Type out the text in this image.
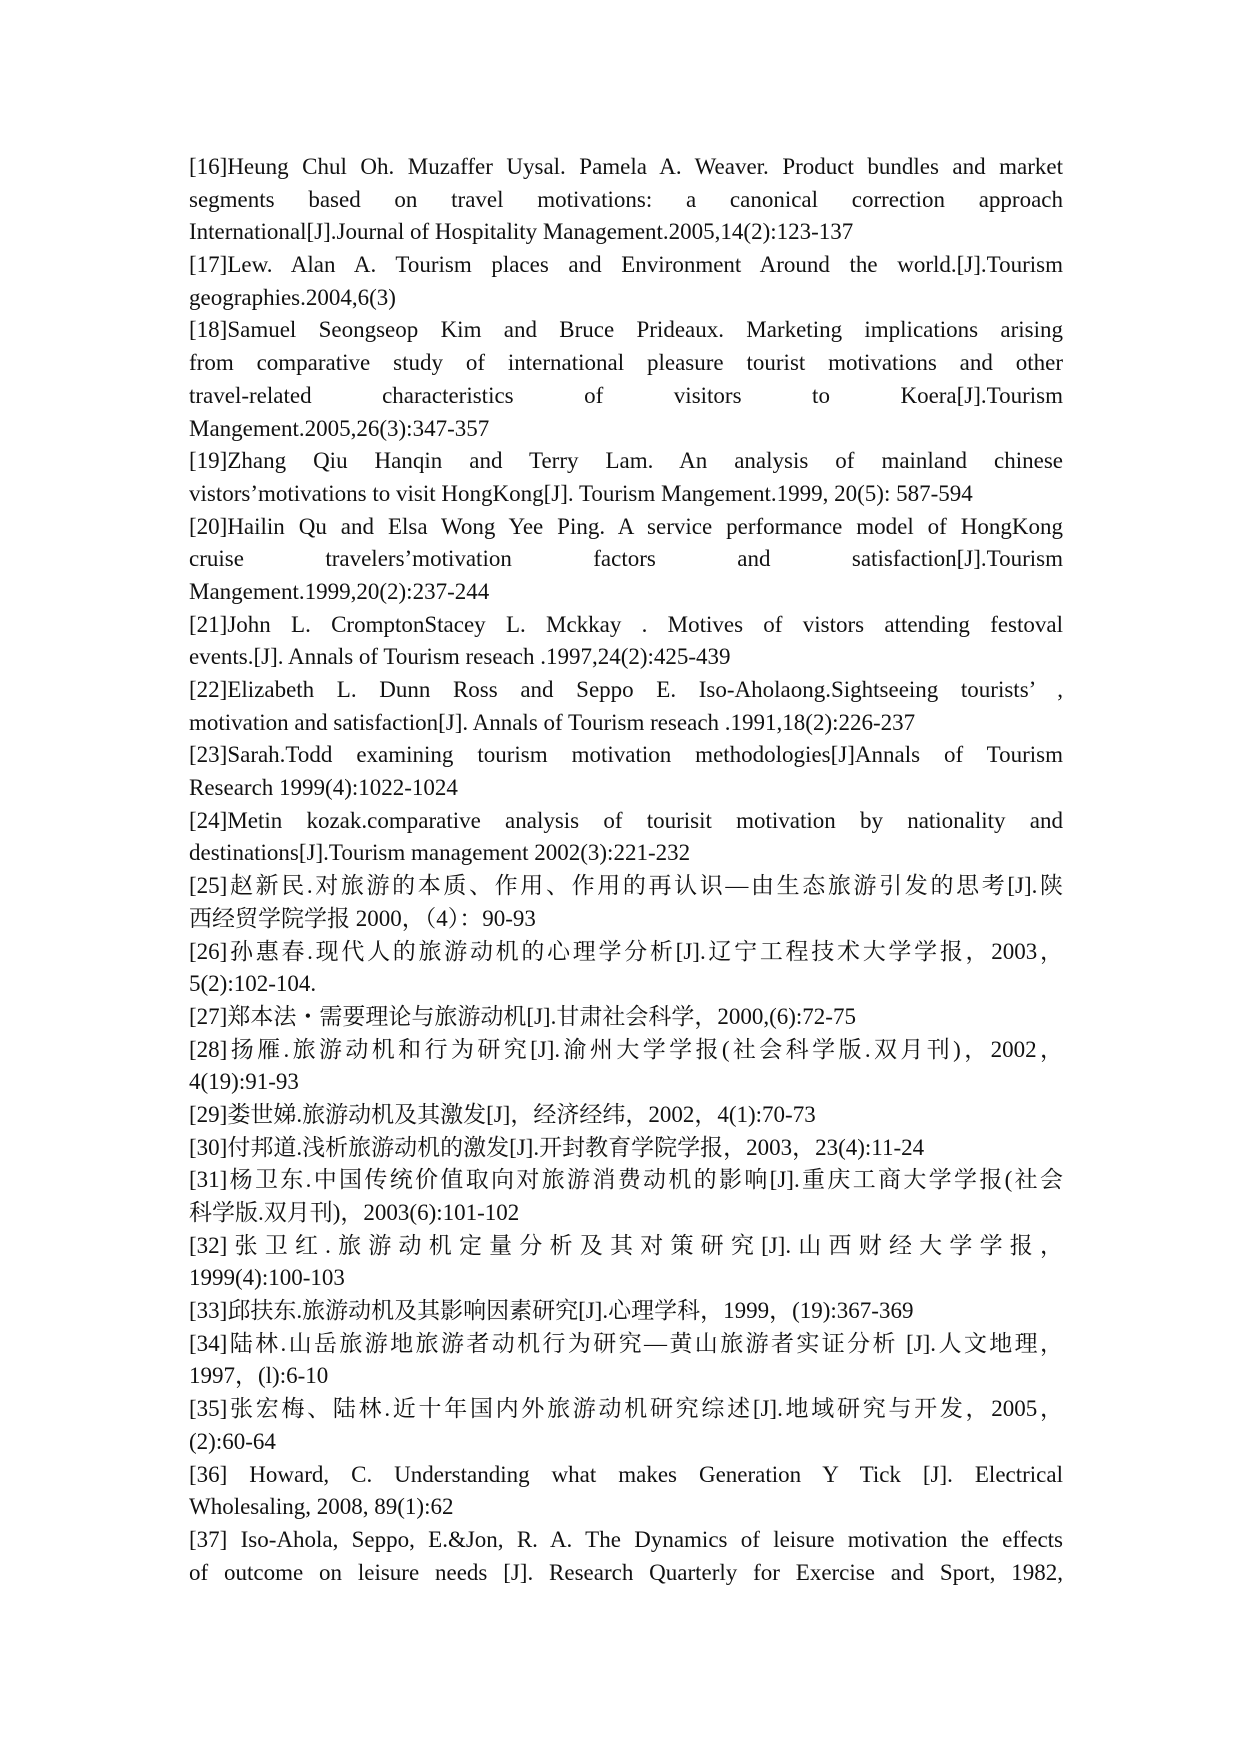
[16]Heung Chul Oh. Muzaffer Uysal. Pamela A. Weaver. Product bundles and market
segments based on travel motivations: a canonical correction approach
International[J].Journal of Hospitality Management.2005,14(2):123-137
[17]Lew. Alan A. Tourism places and Environment Around the world.[J].Tourism
geographies.2004,6(3)
[18]Samuel Seongseop Kim and Bruce Prideaux. Marketing implications arising
from comparative study of international pleasure tourist motivations and other
travel-related characteristics of visitors to Koera[J].Tourism
Mangement.2005,26(3):347-357
[19]Zhang Qiu Hanqin and Terry Lam. An analysis of mainland chinese
vistors’motivations to visit HongKong[J]. Tourism Mangement.1999, 20(5): 587-594
[20]Hailin Qu and Elsa Wong Yee Ping. A service performance model of HongKong
cruise travelers’motivation factors and satisfaction[J].Tourism
Mangement.1999,20(2):237-244
[21]John L. CromptonStacey L. Mckkay . Motives of vistors attending festoval
events.[J]. Annals of Tourism reseach .1997,24(2):425-439
[22]Elizabeth L. Dunn Ross and Seppo E. Iso-Aholaong.Sightseeing tourists’ ,
motivation and satisfaction[J]. Annals of Tourism reseach .1991,18(2):226-237
[23]Sarah.Todd examining tourism motivation methodologies[J]Annals of Tourism
Research 1999(4):1022-1024
[24]Metin kozak.comparative analysis of tourisit motivation by nationality and
destinations[J].Tourism management 2002(3):221-232
[25]赵新民.对旅游的本质、作用、作用的再认识—由生态旅游引发的思考[J].陕
西经贸学院学报 2000，（4）：90-93
[26]孙惠春.现代人的旅游动机的心理学分析[J].辽宁工程技术大学学报，2003，
5(2):102-104.
[27]郑本法・需要理论与旅游动机[J].甘肃社会科学，2000,(6):72-75
[28]扬雁.旅游动机和行为研究[J].渝州大学学报(社会科学版.双月刊)，2002，
4(19):91-93
[29]娄世娣.旅游动机及其激发[J]，经济经纬，2002，4(1):70-73
[30]付邦道.浅析旅游动机的激发[J].开封教育学院学报，2003，23(4):11-24
[31]杨卫东.中国传统价值取向对旅游消费动机的影响[J].重庆工商大学学报(社会
科学版.双月刊)，2003(6):101-102
[32]张卫红.旅游动机定量分析及其对策研究[J].山西财经大学学报，
1999(4):100-103
[33]邱扶东.旅游动机及其影响因素研究[J].心理学科，1999，(19):367-369
[34]陆林.山岳旅游地旅游者动机行为研究—黄山旅游者实证分析 [J].人文地理，
1997，(l):6-10
[35]张宏梅、陆林.近十年国内外旅游动机研究综述[J].地域研究与开发，2005，
(2):60-64
[36] Howard, C. Understanding what makes Generation Y Tick [J]. Electrical
Wholesaling, 2008, 89(1):62
[37] Iso-Ahola, Seppo, E.&Jon, R. A. The Dynamics of leisure motivation the effects
of outcome on leisure needs [J]. Research Quarterly for Exercise and Sport, 1982,
